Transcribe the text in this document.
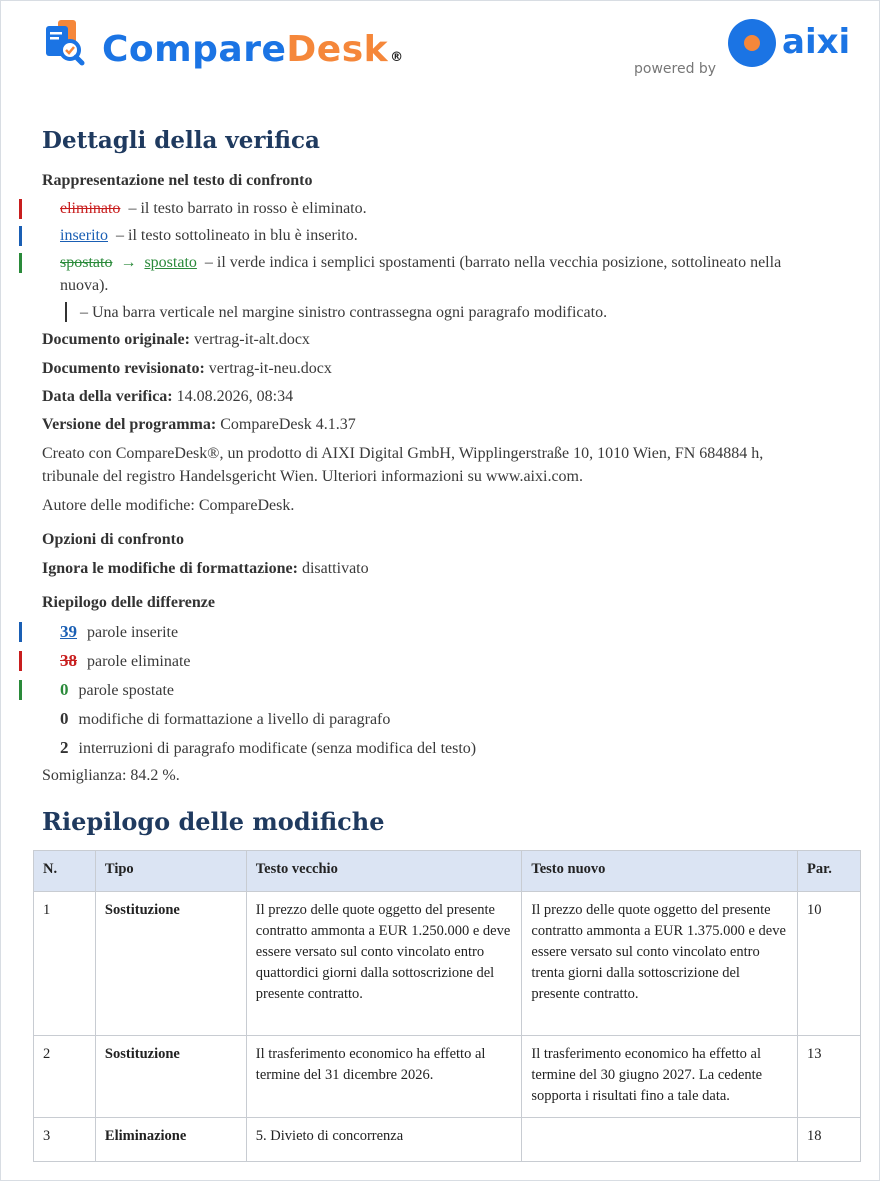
CompareDesk ®
powered by
aixi
Dettagli della verifica

Rappresentazione nel testo di confronto

eliminato – il testo barrato in rosso è eliminato.

inserito – il testo sottolineato in blu è inserito.

spostato → spostato – il verde indica i semplici spostamenti (barrato nella vecchia posizione, sottolineato nella
nuova).

– Una barra verticale nel margine sinistro contrassegna ogni paragrafo modificato.

Documento originale: vertrag-it-alt.docx

Documento revisionato: vertrag-it-neu.docx

Data della verifica: 14.08.2026, 08:34

Versione del programma: CompareDesk 4.1.37

Creato con CompareDesk®, un prodotto di AIXI Digital GmbH, Wipplingerstraße 10, 1010 Wien, FN 684884 h,
tribunale del registro Handelsgericht Wien. Ulteriori informazioni su www.aixi.com.

Autore delle modifiche: CompareDesk.

Opzioni di confronto

Ignora le modifiche di formattazione: disattivato

Riepilogo delle differenze

39 parole inserite

38 parole eliminate

0 parole spostate

0 modifiche di formattazione a livello di paragrafo

2 interruzioni di paragrafo modificate (senza modifica del testo)

Somiglianza: 84.2 %.

Riepilogo delle modifiche
N.	Tipo	Testo vecchio	Testo nuovo	Par.
1	Sostituzione	Il prezzo delle quote oggetto del presente contratto ammonta a EUR 1.250.000 e deve essere versato sul conto vincolato entro quattordici giorni dalla sottoscrizione del presente contratto.	Il prezzo delle quote oggetto del presente contratto ammonta a EUR 1.375.000 e deve essere versato sul conto vincolato entro trenta giorni dalla sottoscrizione del presente contratto.	10
2	Sostituzione	Il trasferimento economico ha effetto al termine del 31 dicembre 2026.	Il trasferimento economico ha effetto al termine del 30 giugno 2027. La cedente sopporta i risultati fino a tale data.	13
3	Eliminazione	5. Divieto di concorrenza		18
